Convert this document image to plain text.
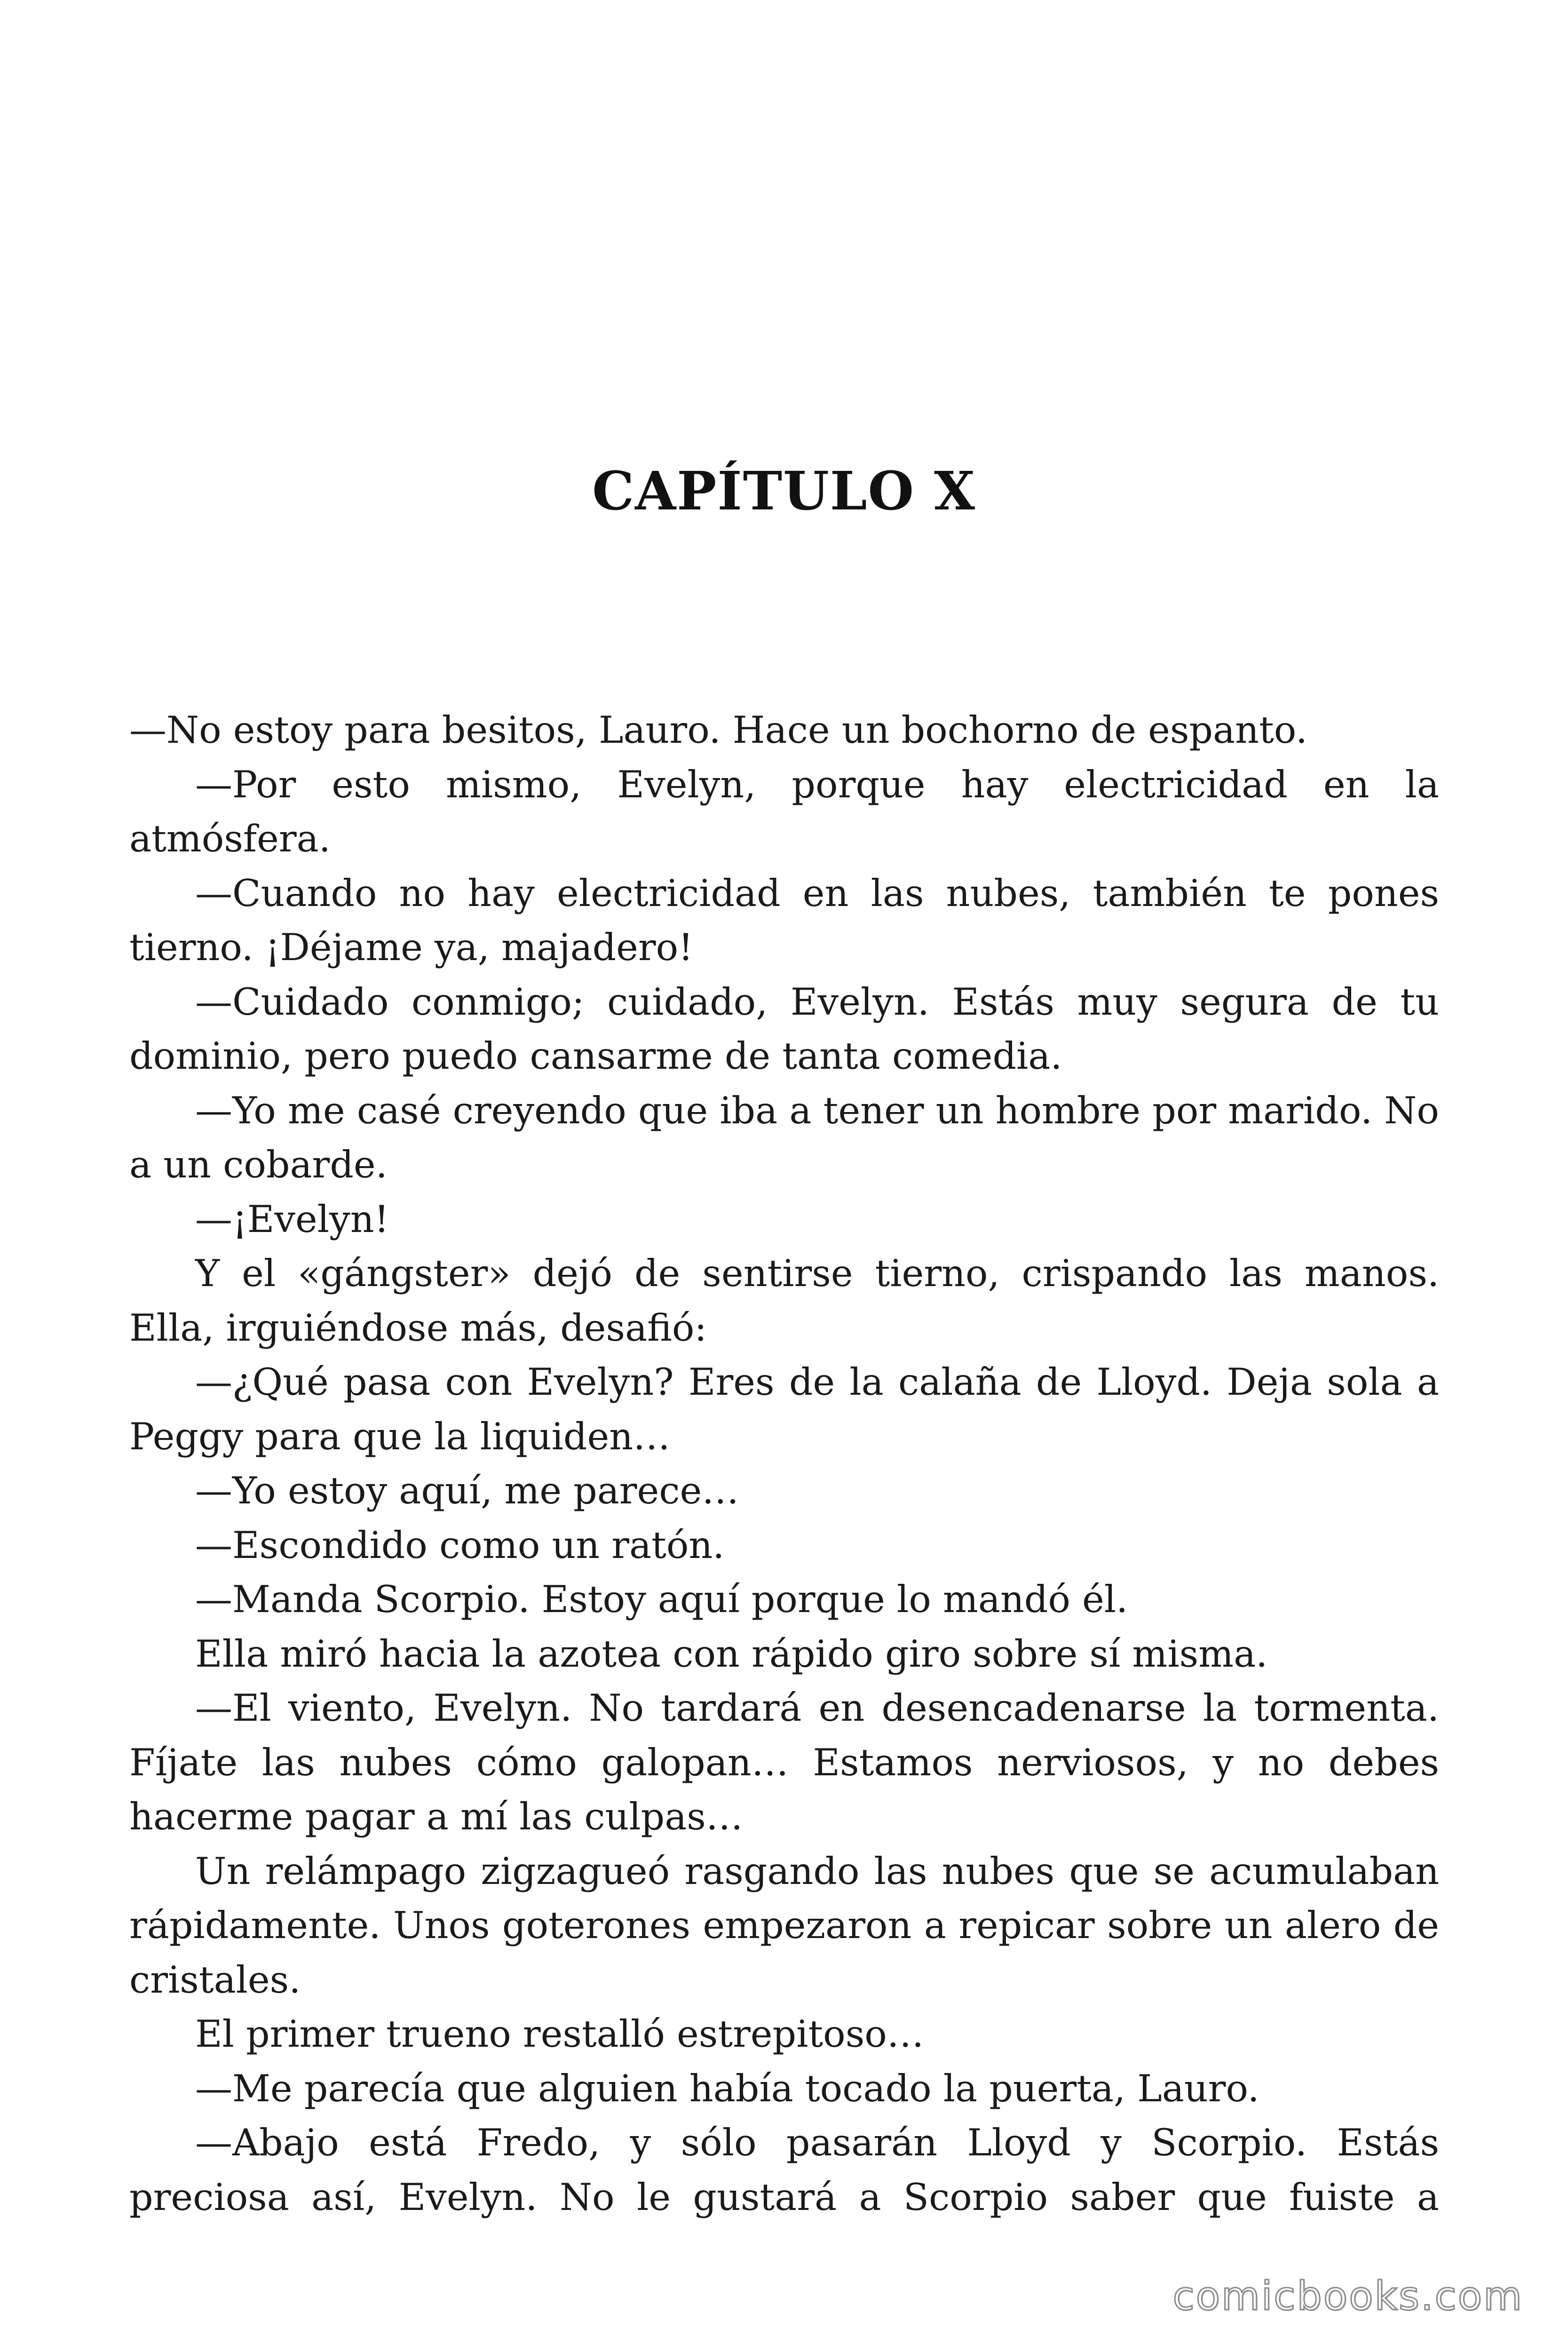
CAPÍTULO X

—No estoy para besitos, Lauro. Hace un bochorno de espanto.

—Por esto mismo, Evelyn, porque hay electricidad en la atmósfera.

—Cuando no hay electricidad en las nubes, también te pones tierno. ¡Déjame ya, majadero!

—Cuidado conmigo; cuidado, Evelyn. Estás muy segura de tu dominio, pero puedo cansarme de tanta comedia.

—Yo me casé creyendo que iba a tener un hombre por marido. No a un cobarde.

—¡Evelyn!

Y el «gángster» dejó de sentirse tierno, crispando las manos. Ella, irguiéndose más, desafió:

—¿Qué pasa con Evelyn? Eres de la calaña de Lloyd. Deja sola a Peggy para que la liquiden…

—Yo estoy aquí, me parece…

—Escondido como un ratón.

—Manda Scorpio. Estoy aquí porque lo mandó él.

Ella miró hacia la azotea con rápido giro sobre sí misma.

—El viento, Evelyn. No tardará en desencadenarse la tormenta. Fíjate las nubes cómo galopan… Estamos nerviosos, y no debes hacerme pagar a mí las culpas…

Un relámpago zigzagueó rasgando las nubes que se acumulaban rápidamente. Unos goterones empezaron a repicar sobre un alero de cristales.

El primer trueno restalló estrepitoso…

—Me parecía que alguien había tocado la puerta, Lauro.

—Abajo está Fredo, y sólo pasarán Lloyd y Scorpio. Estás preciosa así, Evelyn. No le gustará a Scorpio saber que fuiste a

comicbooks.com
